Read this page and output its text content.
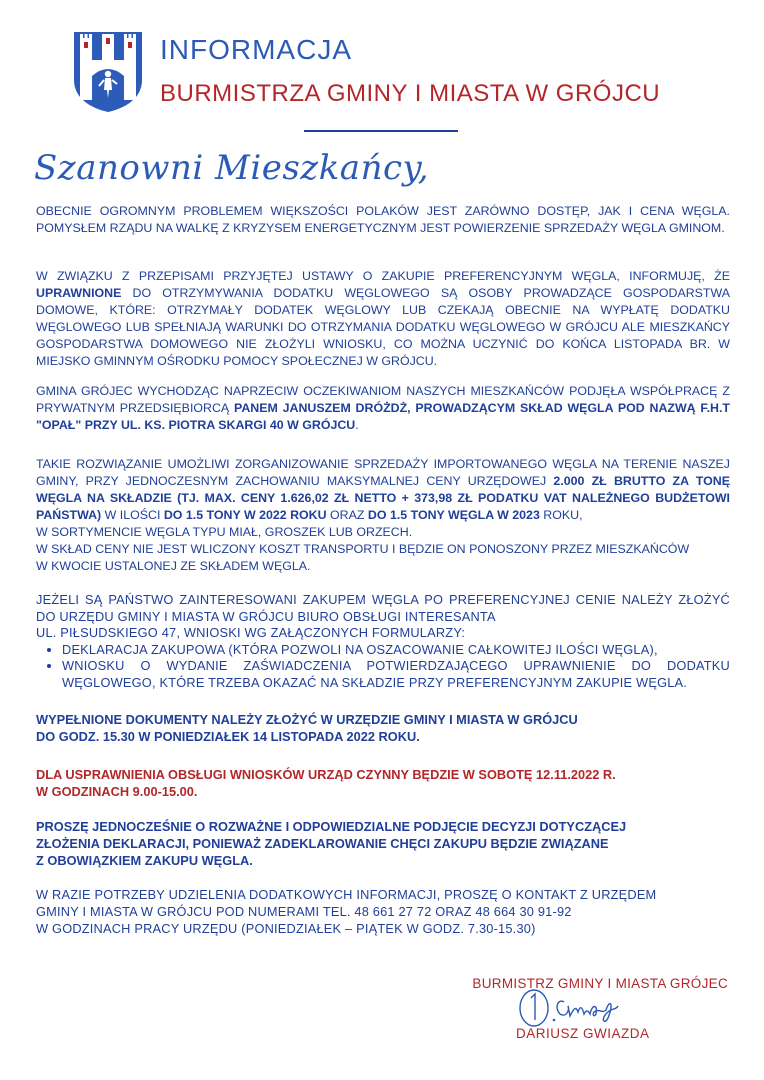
INFORMACJA
BURMISTRZA GMINY I MIASTA W GRÓJCU
Szanowni Mieszkańcy,
OBECNIE OGROMNYM PROBLEMEM WIĘKSZOŚCI POLAKÓW JEST ZARÓWNO DOSTĘP, JAK I CENA WĘGLA. POMYSŁEM RZĄDU NA WALKĘ Z KRYZYSEM ENERGETYCZNYM JEST POWIERZENIE SPRZEDAŻY WĘGLA GMINOM.
W ZWIĄZKU Z PRZEPISAMI PRZYJĘTEJ USTAWY O ZAKUPIE PREFERENCYJNYM WĘGLA, INFORMUJĘ, ŻE UPRAWNIONE DO OTRZYMYWANIA DODATKU WĘGLOWEGO SĄ OSOBY PROWADZĄCE GOSPODARSTWA DOMOWE, KTÓRE: OTRZYMAŁY DODATEK WĘGLOWY LUB CZEKAJĄ OBECNIE NA WYPŁATĘ DODATKU WĘGLOWEGO LUB SPEŁNIAJĄ WARUNKI DO OTRZYMANIA DODATKU WĘGLOWEGO W GRÓJCU ALE MIESZKAŃCY GOSPODARSTWA DOMOWEGO NIE ZŁOŻYLI WNIOSKU, CO MOŻNA UCZYNIĆ DO KOŃCA LISTOPADA BR. W MIEJSKO GMINNYM OŚRODKU POMOCY SPOŁECZNEJ W GRÓJCU.
GMINA GRÓJEC WYCHODZĄC NAPRZECIW OCZEKIWANIOM NASZYCH MIESZKAŃCÓW PODJĘŁA WSPÓŁPRACĘ Z PRYWATNYM PRZEDSIĘBIORCĄ PANEM JANUSZEM DRÓŻDŻ, PROWADZĄCYM SKŁAD WĘGLA POD NAZWĄ F.H.T "OPAŁ" PRZY UL. KS. PIOTRA SKARGI 40 W GRÓJCU.
TAKIE ROZWIĄZANIE UMOŻLIWI ZORGANIZOWANIE SPRZEDAŻY IMPORTOWANEGO WĘGLA NA TERENIE NASZEJ GMINY, PRZY JEDNOCZESNYM ZACHOWANIU MAKSYMALNEJ CENY URZĘDOWEJ 2.000 ZŁ BRUTTO ZA TONĘ WĘGLA NA SKŁADZIE (TJ. MAX. CENY 1.626,02 ZŁ NETTO + 373,98 ZŁ PODATKU VAT NALEŻNEGO BUDŻETOWI PAŃSTWA) W ILOŚCI DO 1.5 TONY W 2022 ROKU ORAZ DO 1.5 TONY WĘGLA W 2023 ROKU,
W SORTYMENCIE WĘGLA TYPU MIAŁ, GROSZEK LUB ORZECH.
W SKŁAD CENY NIE JEST WLICZONY KOSZT TRANSPORTU I BĘDZIE ON PONOSZONY PRZEZ MIESZKAŃCÓW
W KWOCIE USTALONEJ ZE SKŁADEM WĘGLA.
JEŻELI SĄ PAŃSTWO ZAINTERESOWANI ZAKUPEM WĘGLA PO PREFERENCYJNEJ CENIE NALEŻY ZŁOŻYĆ DO URZĘDU GMINY I MIASTA W GRÓJCU BIURO OBSŁUGI INTERESANTA
UL. PIŁSUDSKIEGO 47, WNIOSKI WG ZAŁĄCZONYCH FORMULARZY:
• DEKLARACJA ZAKUPOWA (KTÓRA POZWOLI NA OSZACOWANIE CAŁKOWITEJ ILOŚCI WĘGLA),
• WNIOSKU O WYDANIE ZAŚWIADCZENIA POTWIERDZAJĄCEGO UPRAWNIENIE DO DODATKU WĘGLOWEGO, KTÓRE TRZEBA OKAZAĆ NA SKŁADZIE PRZY PREFERENCYJNYM ZAKUPIE WĘGLA.
WYPEŁNIONE DOKUMENTY NALEŻY ZŁOŻYĆ W URZĘDZIE GMINY I MIASTA W GRÓJCU
DO GODZ. 15.30 W PONIEDZIAŁEK 14 LISTOPADA 2022 ROKU.
DLA USPRAWNIENIA OBSŁUGI WNIOSKÓW URZĄD CZYNNY BĘDZIE W SOBOTĘ 12.11.2022 R.
W GODZINACH 9.00-15.00.
PROSZĘ JEDNOCZEŚNIE O ROZWAŻNE I ODPOWIEDZIALNE PODJĘCIE DECYZJI DOTYCZĄCEJ
ZŁOŻENIA DEKLARACJI, PONIEWAŻ ZADEKLAROWANIE CHĘCI ZAKUPU BĘDZIE ZWIĄZANE
Z OBOWIĄZKIEM ZAKUPU WĘGLA.
W RAZIE POTRZEBY UDZIELENIA DODATKOWYCH INFORMACJI, PROSZĘ O KONTAKT Z URZĘDEM
GMINY I MIASTA W GRÓJCU POD NUMERAMI TEL. 48 661 27 72 ORAZ 48 664 30 91-92
W GODZINACH PRACY URZĘDU (PONIEDZIAŁEK – PIĄTEK W GODZ. 7.30-15.30)
BURMISTRZ GMINY I MIASTA GRÓJEC
DARIUSZ GWIAZDA
